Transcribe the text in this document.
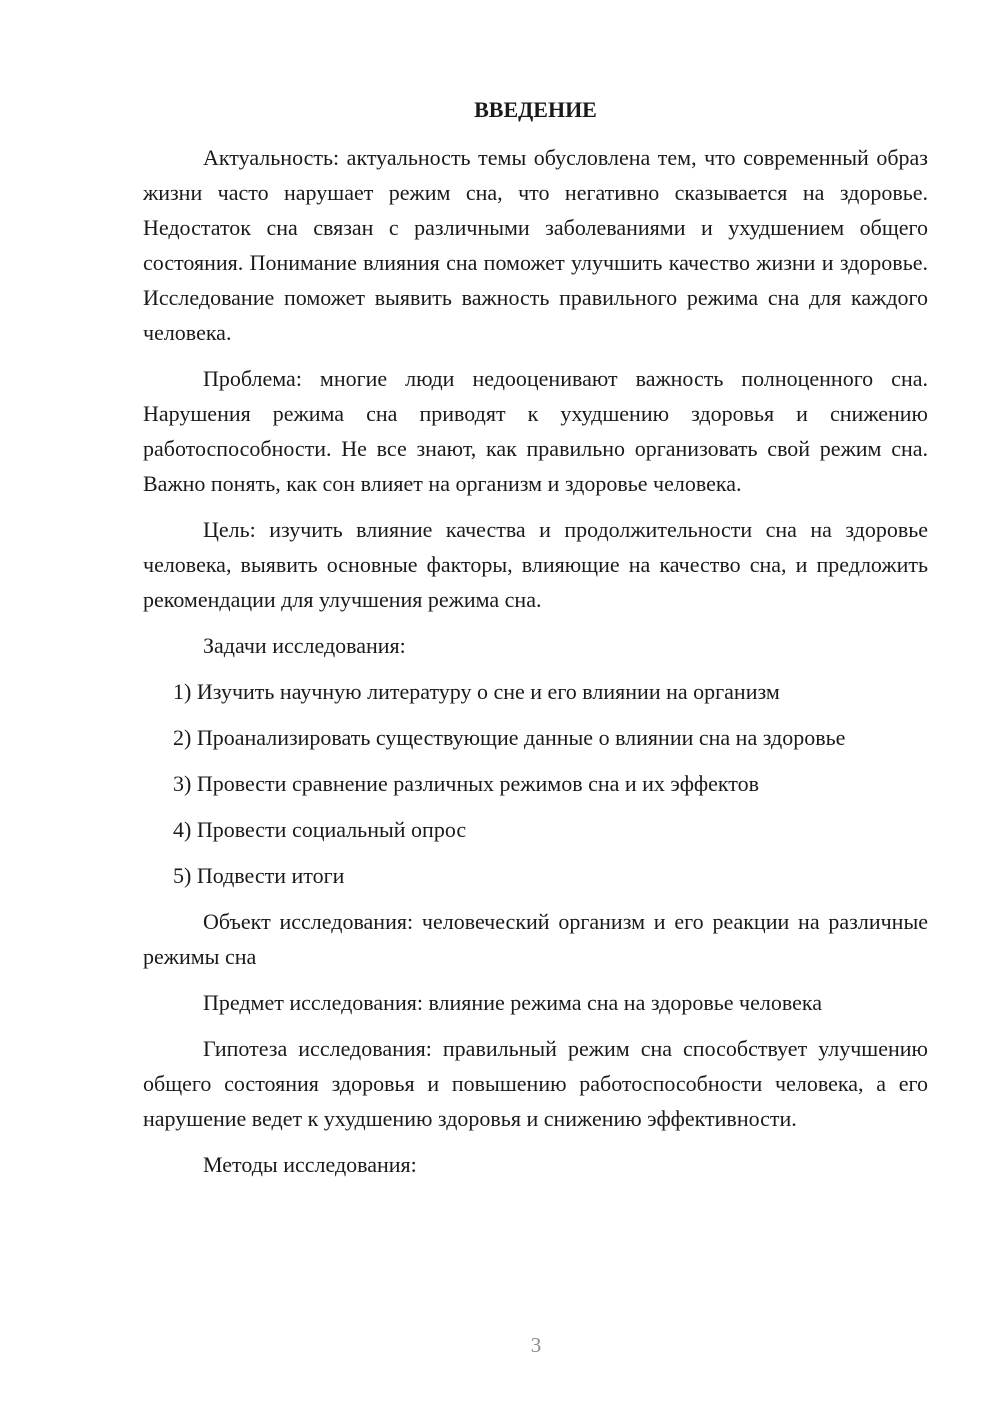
ВВЕДЕНИЕ

Актуальность: актуальность темы обусловлена тем, что современный образ жизни часто нарушает режим сна, что негативно сказывается на здоровье. Недостаток сна связан с различными заболеваниями и ухудшением общего состояния. Понимание влияния сна поможет улучшить качество жизни и здоровье. Исследование поможет выявить важность правильного режима сна для каждого человека.

Проблема: многие люди недооценивают важность полноценного сна. Нарушения режима сна приводят к ухудшению здоровья и снижению работоспособности. Не все знают, как правильно организовать свой режим сна. Важно понять, как сон влияет на организм и здоровье человека.

Цель: изучить влияние качества и продолжительности сна на здоровье человека, выявить основные факторы, влияющие на качество сна, и предложить рекомендации для улучшения режима сна.

Задачи исследования:

1) Изучить научную литературу о сне и его влиянии на организм

2) Проанализировать существующие данные о влиянии сна на здоровье

3) Провести сравнение различных режимов сна и их эффектов

4) Провести социальный опрос

5) Подвести итоги

Объект исследования: человеческий организм и его реакции на различные режимы сна

Предмет исследования: влияние режима сна на здоровье человека

Гипотеза исследования: правильный режим сна способствует улучшению общего состояния здоровья и повышению работоспособности человека, а его нарушение ведет к ухудшению здоровья и снижению эффективности.

Методы исследования:

3
